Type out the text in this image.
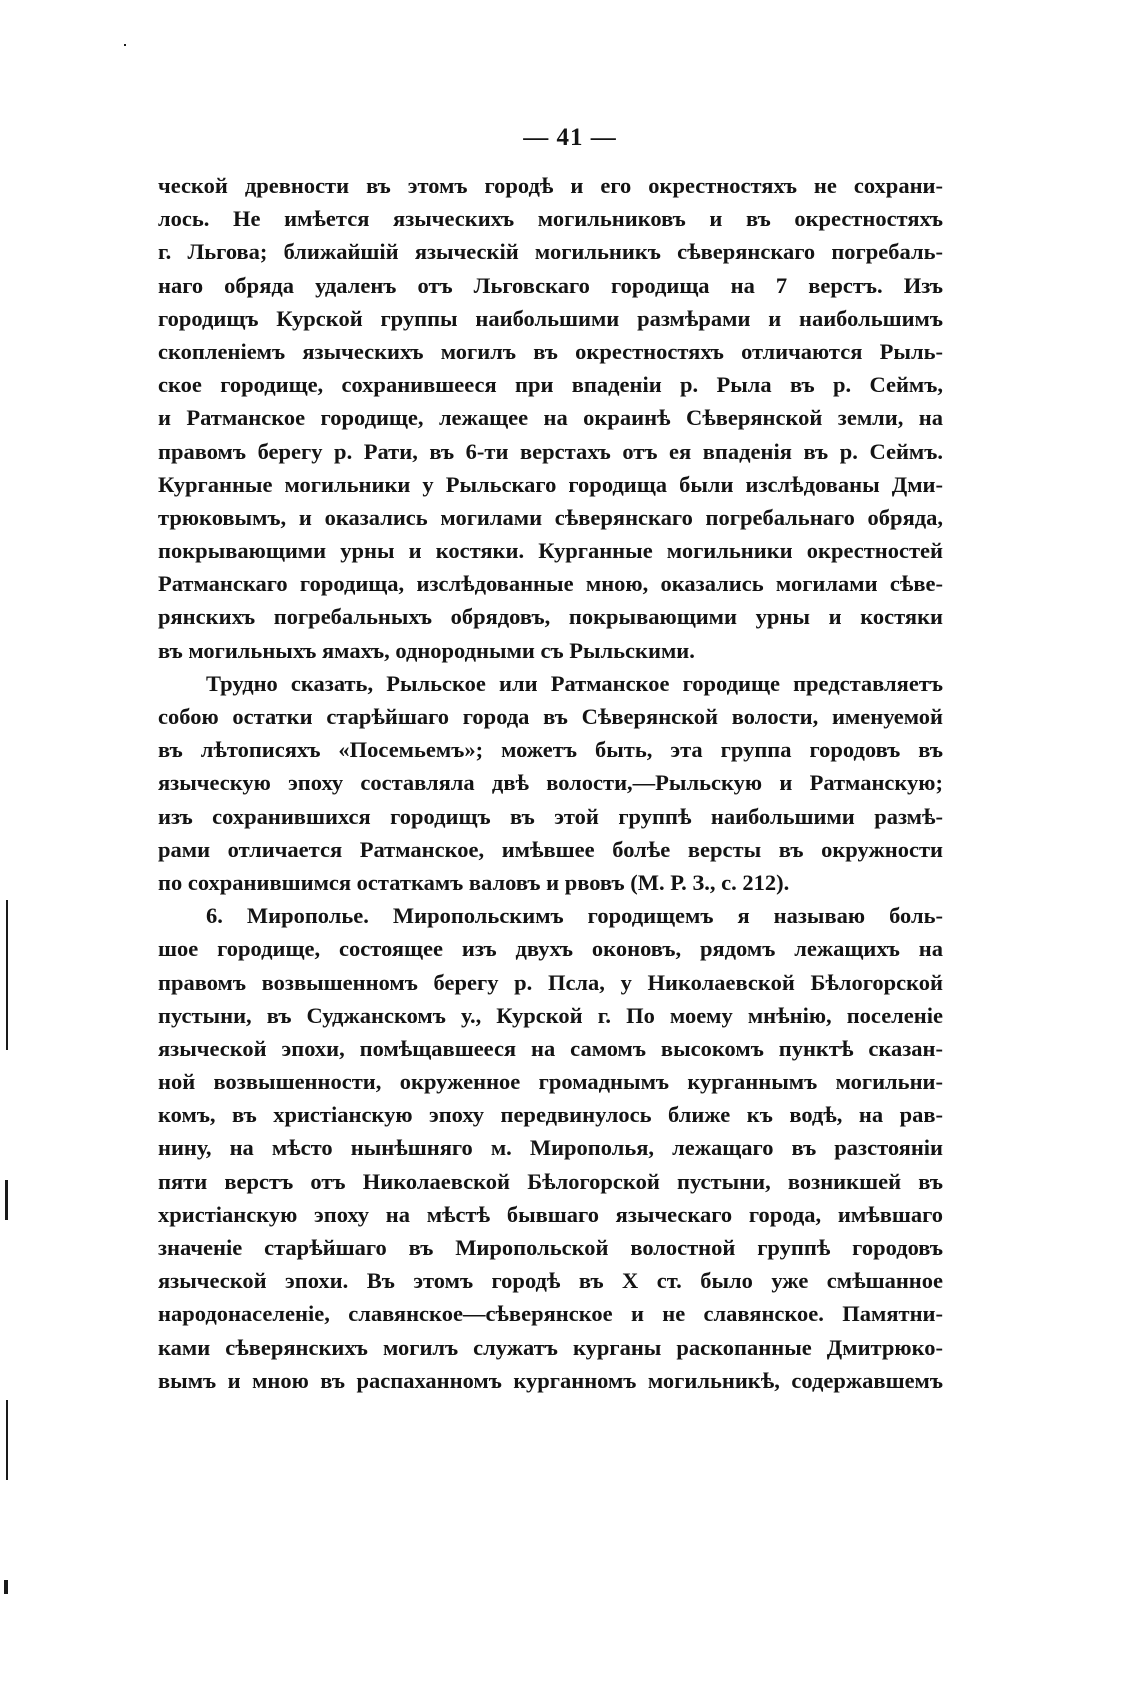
— 41 —
ческой древности въ этомъ городѣ и его окрестностяхъ не сохрани-
лось. Не имѣется языческихъ могильниковъ и въ окрестностяхъ
г. Льгова; ближайшій языческій могильникъ сѣверянскаго погребаль-
наго обряда удаленъ отъ Льговскаго городища на 7 верстъ. Изъ
городищъ Курской группы наибольшими размѣрами и наибольшимъ
скопленіемъ языческихъ могилъ въ окрестностяхъ отличаются Рыль-
ское городище, сохранившееся при впаденіи р. Рыла въ р. Сеймъ,
и Ратманское городище, лежащее на окраинѣ Сѣверянской земли, на
правомъ берегу р. Рати, въ 6-ти верстахъ отъ ея впаденія въ р. Сеймъ.
Курганные могильники у Рыльскаго городища были изслѣдованы Дми-
трюковымъ, и оказались могилами сѣверянскаго погребальнаго обряда,
покрывающими урны и костяки. Курганные могильники окрестностей
Ратманскаго городища, изслѣдованные мною, оказались могилами сѣве-
рянскихъ погребальныхъ обрядовъ, покрывающими урны и костяки
въ могильныхъ ямахъ, однородными съ Рыльскими.
Трудно сказать, Рыльское или Ратманское городище представляетъ
собою остатки старѣйшаго города въ Сѣверянской волости, именуемой
въ лѣтописяхъ «Посемьемъ»; можетъ быть, эта группа городовъ въ
языческую эпоху составляла двѣ волости,—Рыльскую и Ратманскую;
изъ сохранившихся городищъ въ этой группѣ наибольшими размѣ-
рами отличается Ратманское, имѣвшее болѣе версты въ окружности
по сохранившимся остаткамъ валовъ и рвовъ (М. Р. З., с. 212).
6. Мирополье. Миропольскимъ городищемъ я называю боль-
шое городище, состоящее изъ двухъ оконовъ, рядомъ лежащихъ на
правомъ возвышенномъ берегу р. Псла, у Николаевской Бѣлогорской
пустыни, въ Суджанскомъ у., Курской г. По моему мнѣнію, поселеніе
языческой эпохи, помѣщавшееся на самомъ высокомъ пунктѣ сказан-
ной возвышенности, окруженное громаднымъ курганнымъ могильни-
комъ, въ христіанскую эпоху передвинулось ближе къ водѣ, на рав-
нину, на мѣсто нынѣшняго м. Мирополья, лежащаго въ разстояніи
пяти верстъ отъ Николаевской Бѣлогорской пустыни, возникшей въ
христіанскую эпоху на мѣстѣ бывшаго языческаго города, имѣвшаго
значеніе старѣйшаго въ Миропольской волостной группѣ городовъ
языческой эпохи. Въ этомъ городѣ въ X ст. было уже смѣшанное
народонаселеніе, славянское—сѣверянское и не славянское. Памятни-
ками сѣверянскихъ могилъ служатъ курганы раскопанные Дмитрюко-
вымъ и мною въ распаханномъ курганномъ могильникѣ, содержавшемъ
